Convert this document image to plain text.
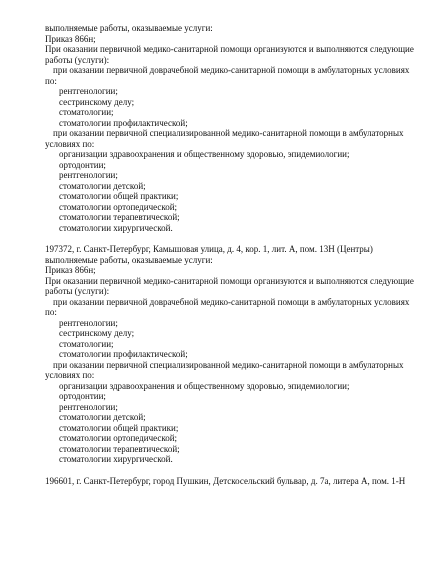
выполняемые работы, оказываемые услуги:
Приказ 866н;
При оказании первичной медико-санитарной помощи организуются и выполняются следующие
работы (услуги):
при оказании первичной доврачебной медико-санитарной помощи в амбулаторных условиях
по:
рентгенологии;
сестринскому делу;
стоматологии;
стоматологии профилактической;
при оказании первичной специализированной медико-санитарной помощи в амбулаторных
условиях по:
организации здравоохранения и общественному здоровью, эпидемиологии;
ортодонтии;
рентгенологии;
стоматологии детской;
стоматологии общей практики;
стоматологии ортопедической;
стоматологии терапевтической;
стоматологии хирургической.
197372, г. Санкт-Петербург, Камышовая улица, д. 4, кор. 1, лит. А, пом. 13Н (Центры)
выполняемые работы, оказываемые услуги:
Приказ 866н;
При оказании первичной медико-санитарной помощи организуются и выполняются следующие
работы (услуги):
при оказании первичной доврачебной медико-санитарной помощи в амбулаторных условиях
по:
рентгенологии;
сестринскому делу;
стоматологии;
стоматологии профилактической;
при оказании первичной специализированной медико-санитарной помощи в амбулаторных
условиях по:
организации здравоохранения и общественному здоровью, эпидемиологии;
ортодонтии;
рентгенологии;
стоматологии детской;
стоматологии общей практики;
стоматологии ортопедической;
стоматологии терапевтической;
стоматологии хирургической.
196601, г. Санкт-Петербург, город Пушкин, Детскосельский бульвар, д. 7а, литера А, пом. 1-Н
